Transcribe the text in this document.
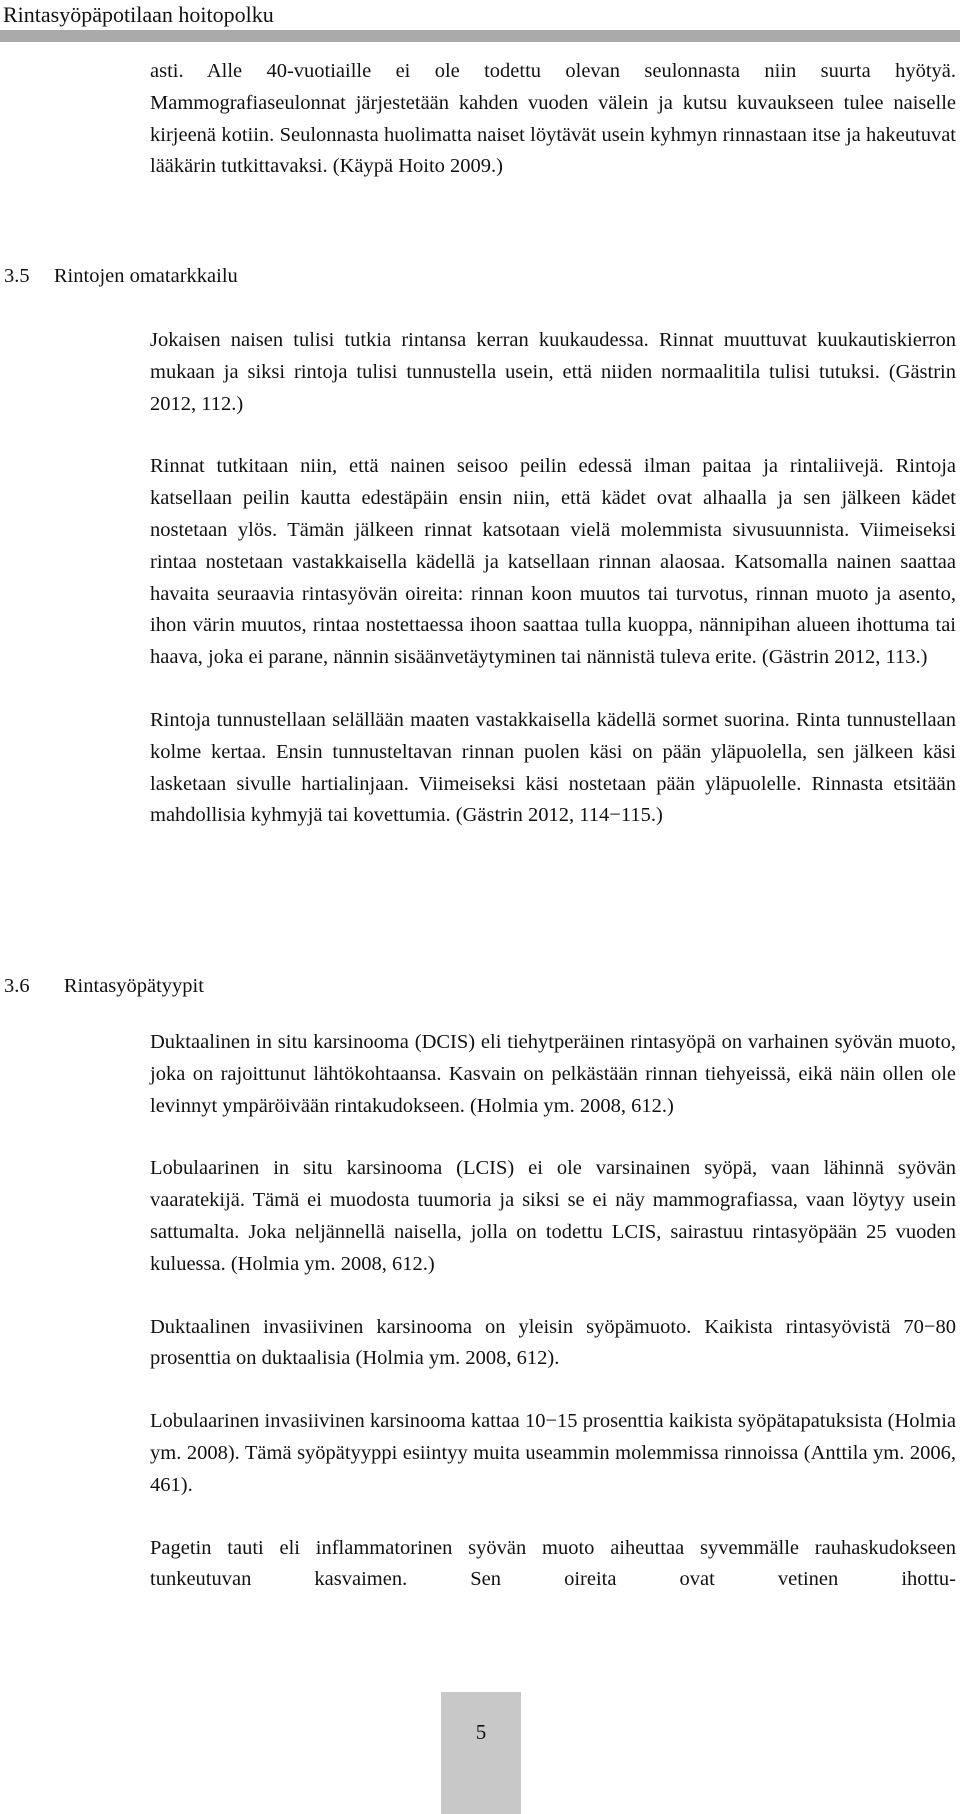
Rintasyöpäpotilaan hoitopolku

asti. Alle 40-vuotiaille ei ole todettu olevan seulonnasta niin suurta hyötyä. Mammografiaseulonnat järjestetään kahden vuoden välein ja kutsu kuvaukseen tulee naiselle kirjeenä kotiin. Seulonnasta huolimatta naiset löytävät usein kyhmyn rinnastaan itse ja hakeutuvat lääkärin tutkittavaksi. (Käypä Hoito 2009.)

3.5 Rintojen omatarkkailu

Jokaisen naisen tulisi tutkia rintansa kerran kuukaudessa. Rinnat muuttuvat kuukautiskierron mukaan ja siksi rintoja tulisi tunnustella usein, että niiden normaalitila tulisi tutuksi. (Gästrin 2012, 112.)

Rinnat tutkitaan niin, että nainen seisoo peilin edessä ilman paitaa ja rintaliivejä. Rintoja katsellaan peilin kautta edestäpäin ensin niin, että kädet ovat alhaalla ja sen jälkeen kädet nostetaan ylös. Tämän jälkeen rinnat katsotaan vielä molemmista sivusuunnista. Viimeiseksi rintaa nostetaan vastakkaisella kädellä ja katsellaan rinnan alaosaa. Katsomalla nainen saattaa havaita seuraavia rintasyövän oireita: rinnan koon muutos tai turvotus, rinnan muoto ja asento, ihon värin muutos, rintaa nostettaessa ihoon saattaa tulla kuoppa, nännipihan alueen ihottuma tai haava, joka ei parane, nännin sisäänvetäytyminen tai nännistä tuleva erite. (Gästrin 2012, 113.)

Rintoja tunnustellaan selällään maaten vastakkaisella kädellä sormet suorina. Rinta tunnustellaan kolme kertaa. Ensin tunnusteltavan rinnan puolen käsi on pään yläpuolella, sen jälkeen käsi lasketaan sivulle hartialinjaan. Viimeiseksi käsi nostetaan pään yläpuolelle. Rinnasta etsitään mahdollisia kyhmyjä tai kovettumia. (Gästrin 2012, 114−115.)

3.6 Rintasyöpätyypit

Duktaalinen in situ karsinooma (DCIS) eli tiehytperäinen rintasyöpä on varhainen syövän muoto, joka on rajoittunut lähtökohtaansa. Kasvain on pelkästään rinnan tiehyeissä, eikä näin ollen ole levinnyt ympäröivään rintakudokseen. (Holmia ym. 2008, 612.)

Lobulaarinen in situ karsinooma (LCIS) ei ole varsinainen syöpä, vaan lähinnä syövän vaaratekijä. Tämä ei muodosta tuumoria ja siksi se ei näy mammografiassa, vaan löytyy usein sattumalta. Joka neljännellä naisella, jolla on todettu LCIS, sairastuu rintasyöpään 25 vuoden kuluessa. (Holmia ym. 2008, 612.)

Duktaalinen invasiivinen karsinooma on yleisin syöpämuoto. Kaikista rintasyövistä 70−80 prosenttia on duktaalisia (Holmia ym. 2008, 612).

Lobulaarinen invasiivinen karsinooma kattaa 10−15 prosenttia kaikista syöpätapatuksista (Holmia ym. 2008). Tämä syöpätyyppi esiintyy muita useammin molemmissa rinnoissa (Anttila ym. 2006, 461).

Pagetin tauti eli inflammatorinen syövän muoto aiheuttaa syvemmälle rauhaskudokseen tunkeutuvan kasvaimen. Sen oireita ovat vetinen ihottu-

5
